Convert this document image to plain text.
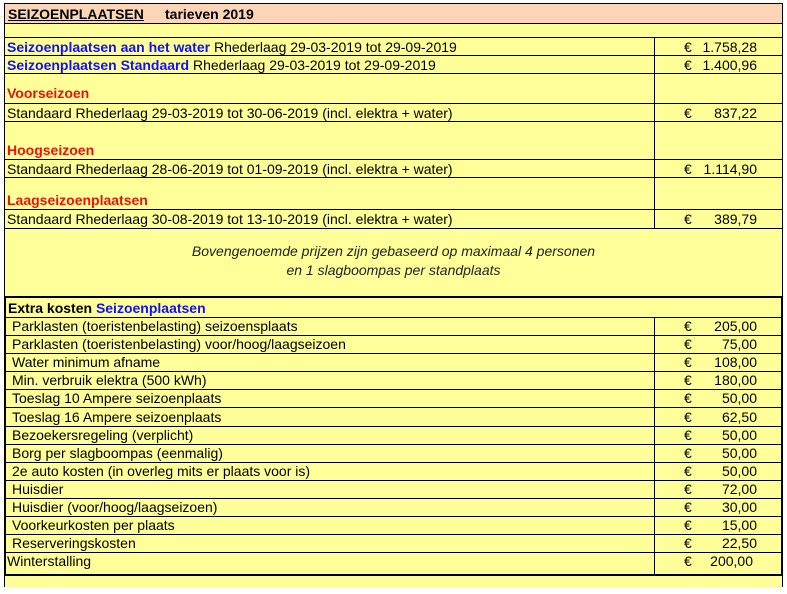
SEIZOENPLAATSEN tarieven 2019
Seizoenplaatsen aan het water Rhederlaag 29-03-2019 tot 29-09-2019	€ 1.758,28
Seizoenplaatsen Standaard Rhederlaag 29-03-2019 tot 29-09-2019	€ 1.400,96
Voorseizoen
Standaard Rhederlaag 29-03-2019 tot 30-06-2019 (incl. elektra + water)	€ 837,22
Hoogseizoen
Standaard Rhederlaag 28-06-2019 tot 01-09-2019 (incl. elektra + water)	€ 1.114,90
Laagseizoenplaatsen
Standaard Rhederlaag 30-08-2019 tot 13-10-2019 (incl. elektra + water)	€ 389,79
Bovengenoemde prijzen zijn gebaseerd op maximaal 4 personen
en 1 slagboompas per standplaats
Extra kosten Seizoenplaatsen
Parklasten (toeristenbelasting) seizoensplaats	€ 205,00
Parklasten (toeristenbelasting) voor/hoog/laagseizoen	€ 75,00
Water minimum afname	€ 108,00
Min. verbruik elektra (500 kWh)	€ 180,00
Toeslag 10 Ampere seizoenplaats	€ 50,00
Toeslag 16 Ampere seizoenplaats	€ 62,50
Bezoekersregeling (verplicht)	€ 50,00
Borg per slagboompas (eenmalig)	€ 50,00
2e auto kosten (in overleg mits er plaats voor is)	€ 50,00
Huisdier	€ 72,00
Huisdier (voor/hoog/laagseizoen)	€ 30,00
Voorkeurkosten per plaats	€ 15,00
Reserveringskosten	€ 22,50
Winterstalling	€ 200,00
